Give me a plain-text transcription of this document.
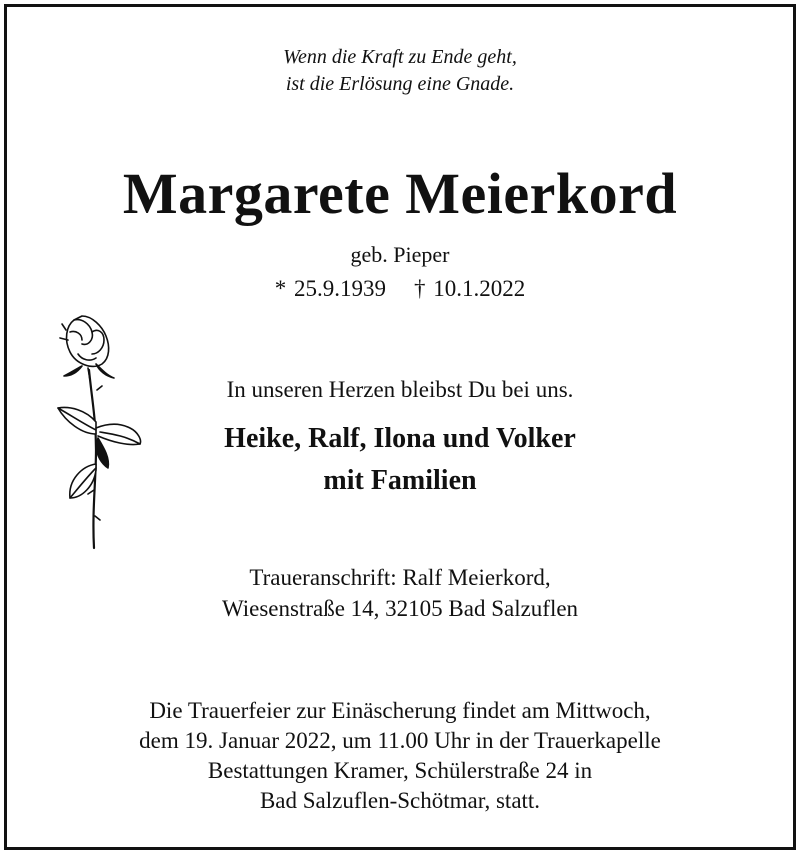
Wenn die Kraft zu Ende geht,
ist die Erlösung eine Gnade.
Margarete Meierkord
geb. Pieper
* 25.9.1939 † 10.1.2022
In unseren Herzen bleibst Du bei uns.
Heike, Ralf, Ilona und Volker
mit Familien
Traueranschrift: Ralf Meierkord,
Wiesenstraße 14, 32105 Bad Salzuflen
Die Trauerfeier zur Einäscherung findet am Mittwoch,
dem 19. Januar 2022, um 11.00 Uhr in der Trauerkapelle
Bestattungen Kramer, Schülerstraße 24 in
Bad Salzuflen-Schötmar, statt.
